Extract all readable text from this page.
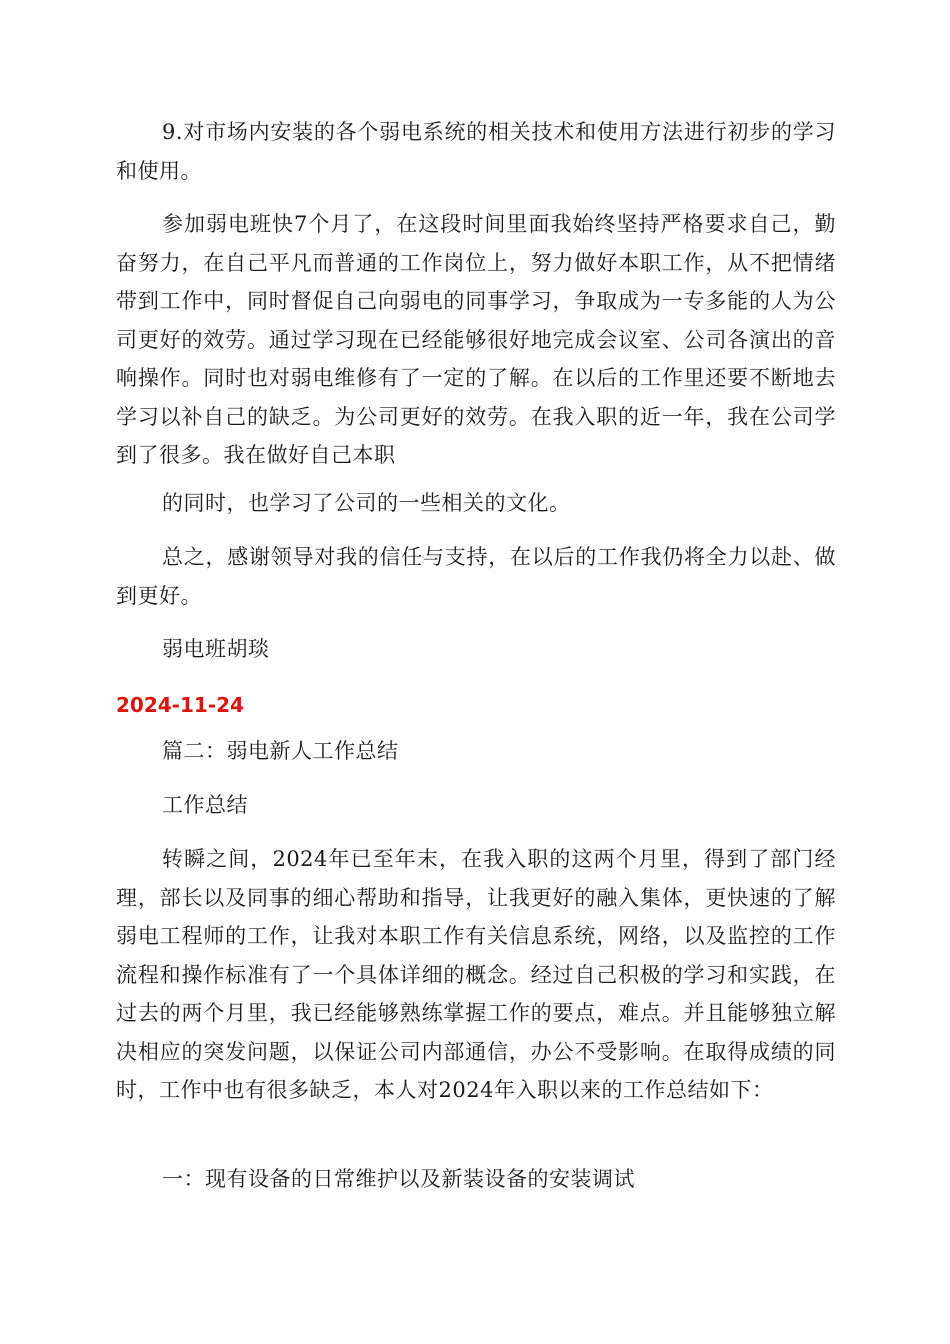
9.对市场内安装的各个弱电系统的相关技术和使用方法进行初步的学习和使用。

参加弱电班快7个月了，在这段时间里面我始终坚持严格要求自己，勤奋努力，在自己平凡而普通的工作岗位上，努力做好本职工作，从不把情绪带到工作中，同时督促自己向弱电的同事学习，争取成为一专多能的人为公司更好的效劳。通过学习现在已经能够很好地完成会议室、公司各演出的音响操作。同时也对弱电维修有了一定的了解。在以后的工作里还要不断地去学习以补自己的缺乏。为公司更好的效劳。在我入职的近一年，我在公司学到了很多。我在做好自己本职

的同时，也学习了公司的一些相关的文化。

总之，感谢领导对我的信任与支持，在以后的工作我仍将全力以赴、做到更好。

弱电班胡琰

2024-11-24

篇二：弱电新人工作总结

工作总结

转瞬之间，2024年已至年末，在我入职的这两个月里，得到了部门经理，部长以及同事的细心帮助和指导，让我更好的融入集体，更快速的了解弱电工程师的工作，让我对本职工作有关信息系统，网络，以及监控的工作流程和操作标准有了一个具体详细的概念。经过自己积极的学习和实践，在过去的两个月里，我已经能够熟练掌握工作的要点，难点。并且能够独立解决相应的突发问题，以保证公司内部通信，办公不受影响。在取得成绩的同时，工作中也有很多缺乏，本人对2024年入职以来的工作总结如下：

一：现有设备的日常维护以及新装设备的安装调试
